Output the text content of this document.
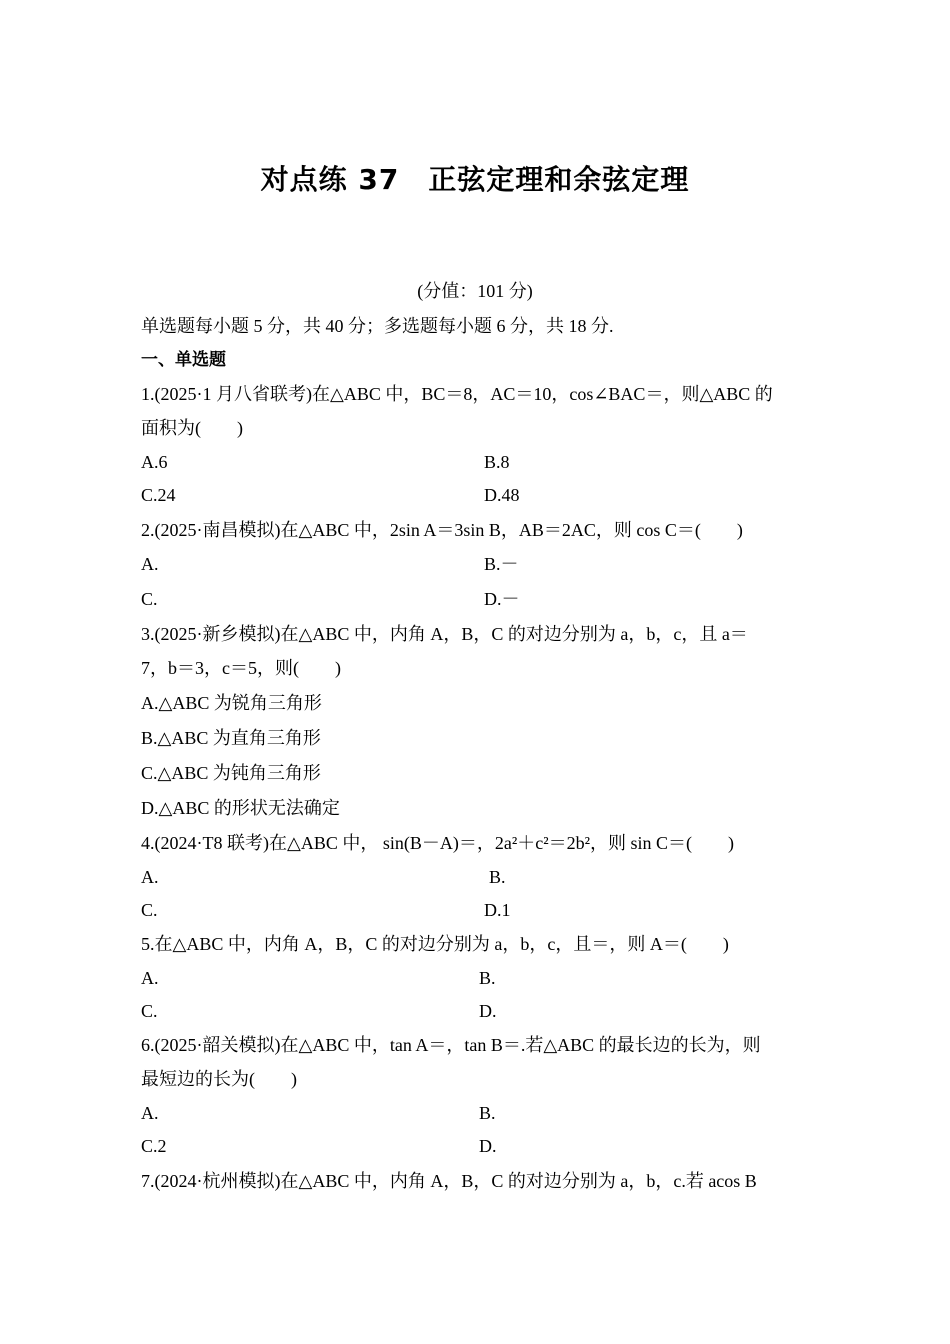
对点练 37　正弦定理和余弦定理
(分值：101 分)
单选题每小题 5 分，共 40 分；多选题每小题 6 分，共 18 分.
一、单选题
1.(2025·1 月八省联考)在△ABC 中，BC＝8，AC＝10，cos∠BAC＝，则△ABC 的
面积为(　　)
A.6	B.8
C.24	D.48
2.(2025·南昌模拟)在△ABC 中，2sin A＝3sin B，AB＝2AC，则 cos C＝(　　)
A.	B.－
C.	D.－
3.(2025·新乡模拟)在△ABC 中，内角 A，B，C 的对边分别为 a，b，c，且 a＝
7，b＝3，c＝5，则(　　)
A.△ABC 为锐角三角形
B.△ABC 为直角三角形
C.△ABC 为钝角三角形
D.△ABC 的形状无法确定
4.(2024·T8 联考)在△ABC 中， sin(B－A)＝，2a²＋c²＝2b²，则 sin C＝(　　)
A.	B.
C.	D.1
5.在△ABC 中，内角 A，B，C 的对边分别为 a，b，c，且＝，则 A＝(　　)
A.	B.
C.	D.
6.(2025·韶关模拟)在△ABC 中，tan A＝，tan B＝.若△ABC 的最长边的长为，则
最短边的长为(　　)
A.	B.
C.2	D.
7.(2024·杭州模拟)在△ABC 中，内角 A，B，C 的对边分别为 a，b，c.若 acos B
